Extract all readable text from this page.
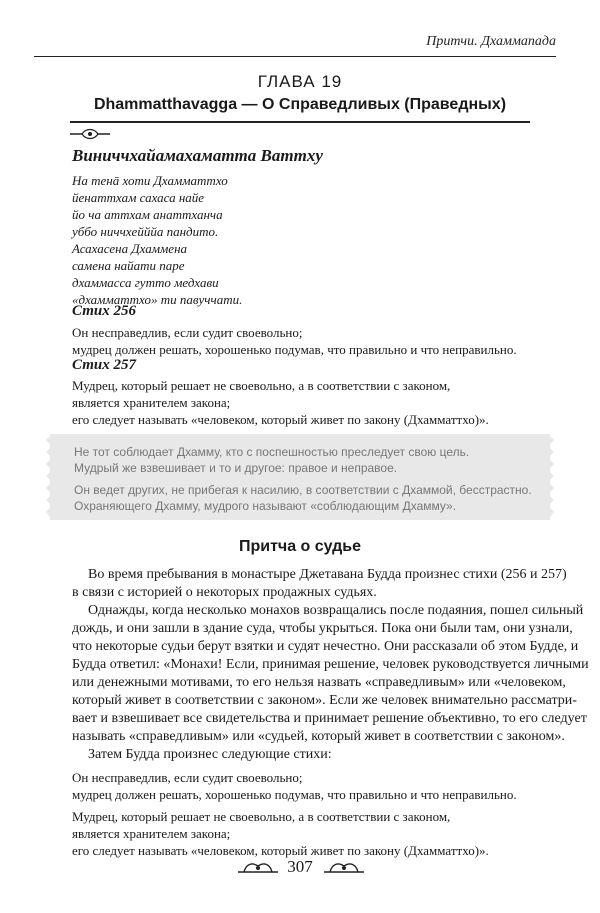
Притчи. Дхаммапада
ГЛАВА 19
Dhammatthavagga — О Справедливых (Праведных)
Виниччхайамахаматта Ваттху
На тенā хоти Дхамматтхо
йенаттхам сахаса найе
йо ча аттхам анаттханча
уббо ниччхейййа пандито.
Асахасена Дхаммена
самена найати паре
дхаммасса гутто медхави
«дхамматтхо» ти павуччати.
Стих 256
Он несправедлив, если судит своевольно;
мудрец должен решать, хорошенько подумав, что правильно и что неправильно.
Стих 257
Мудрец, который решает не своевольно, а в соответствии с законом,
является хранителем закона;
его следует называть «человеком, который живет по закону (Дхамматтхо)».
Не тот соблюдает Дхамму, кто с поспешностью преследует свою цель.
Мудрый же взвешивает и то и другое: правое и неправое.
Он ведет других, не прибегая к насилию, в соответствии с Дхаммой, бесстрастно.
Охраняющего Дхамму, мудрого называют «соблюдающим Дхамму».
Притча о судье
Во время пребывания в монастыре Джетавана Будда произнес стихи (256 и 257)
в связи с историей о некоторых продажных судьях.
Однажды, когда несколько монахов возвращались после подаяния, пошел сильный
дождь, и они зашли в здание суда, чтобы укрыться. Пока они были там, они узнали,
что некоторые судьи берут взятки и судят нечестно. Они рассказали об этом Будде, и
Будда ответил: «Монахи! Если, принимая решение, человек руководствуется личными
или денежными мотивами, то его нельзя назвать «справедливым» или «человеком,
который живет в соответствии с законом». Если же человек внимательно рассматри-
вает и взвешивает все свидетельства и принимает решение объективно, то его следует
называть «справедливым» или «судьей, который живет в соответствии с законом».
Затем Будда произнес следующие стихи:
Он несправедлив, если судит своевольно;
мудрец должен решать, хорошенько подумав, что правильно и что неправильно.
Мудрец, который решает не своевольно, а в соответствии с законом,
является хранителем закона;
его следует называть «человеком, который живет по закону (Дхамматтхо)».
307
